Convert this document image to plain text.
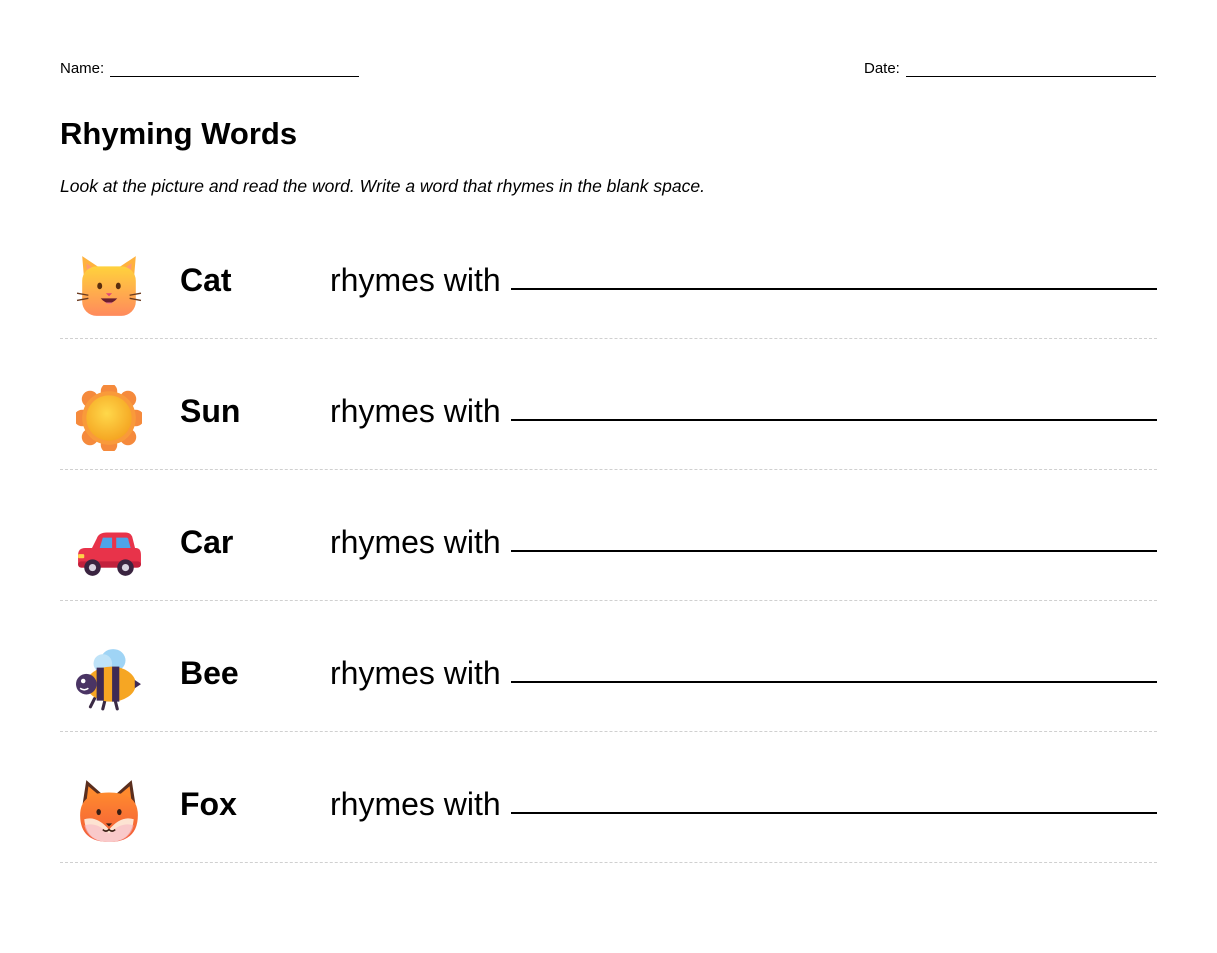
Name:	Date:
Rhyming Words

Look at the picture and read the word. Write a word that rhymes in the blank space.

Cat	rhymes with
Sun	rhymes with
Car	rhymes with
Bee	rhymes with
Fox	rhymes with
